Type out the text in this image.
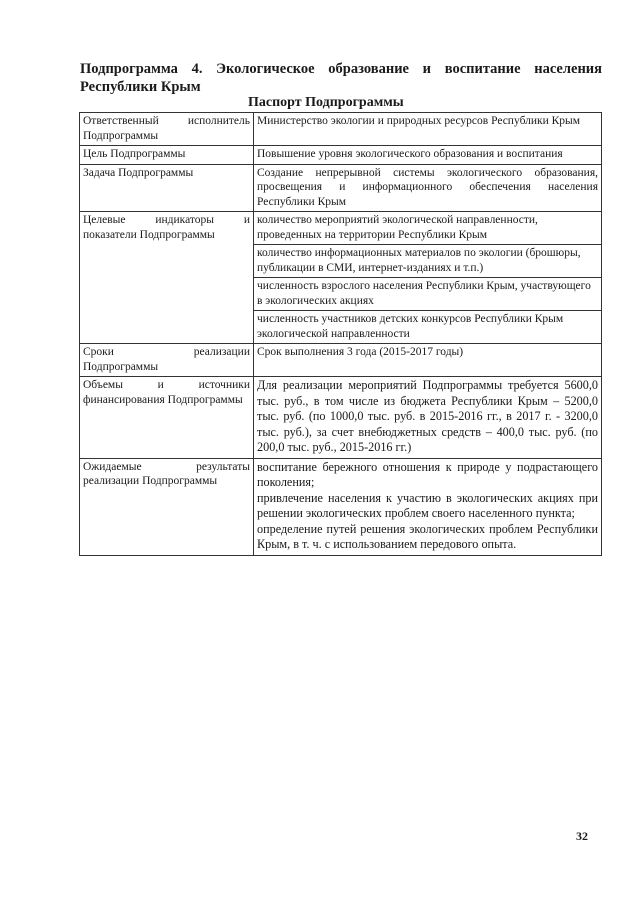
Подпрограмма 4. Экологическое образование и воспитание населения Республики Крым
Паспорт Подпрограммы
Ответственный исполнитель Подпрограммы	Министерство экологии и природных ресурсов Республики Крым
Цель Подпрограммы	Повышение уровня экологического образования и воспитания
Задача Подпрограммы	Создание непрерывной системы экологического образования, просвещения и информационного обеспечения населения Республики Крым
Целевые индикаторы и показатели Подпрограммы	количество мероприятий экологической направленности, проведенных на территории Республики Крым
количество информационных материалов по экологии (брошюры, публикации в СМИ, интернет-изданиях и т.п.)
численность взрослого населения Республики Крым, участвующего в экологических акциях
численность участников детских конкурсов Республики Крым экологической направленности

Сроки реализации Подпрограммы	Срок выполнения 3 года (2015-2017 годы)
Объемы и источники финансирования Подпрограммы	Для реализации мероприятий Подпрограммы требуется 5600,0 тыс. руб., в том числе из бюджета Республики Крым – 5200,0 тыс. руб. (по 1000,0 тыс. руб. в 2015-2016 гг., в 2017 г. - 3200,0 тыс. руб.), за счет внебюджетных средств – 400,0 тыс. руб. (по 200,0 тыс. руб., 2015-2016 гг.)
Ожидаемые результаты реализации Подпрограммы	воспитание бережного отношения к природе у подрастающего поколения;

привлечение населения к участию в экологических акциях при решении экологических проблем своего населенного пункта;

определение путей решения экологических проблем Республики Крым, в т. ч. с использованием передового опыта.

32
